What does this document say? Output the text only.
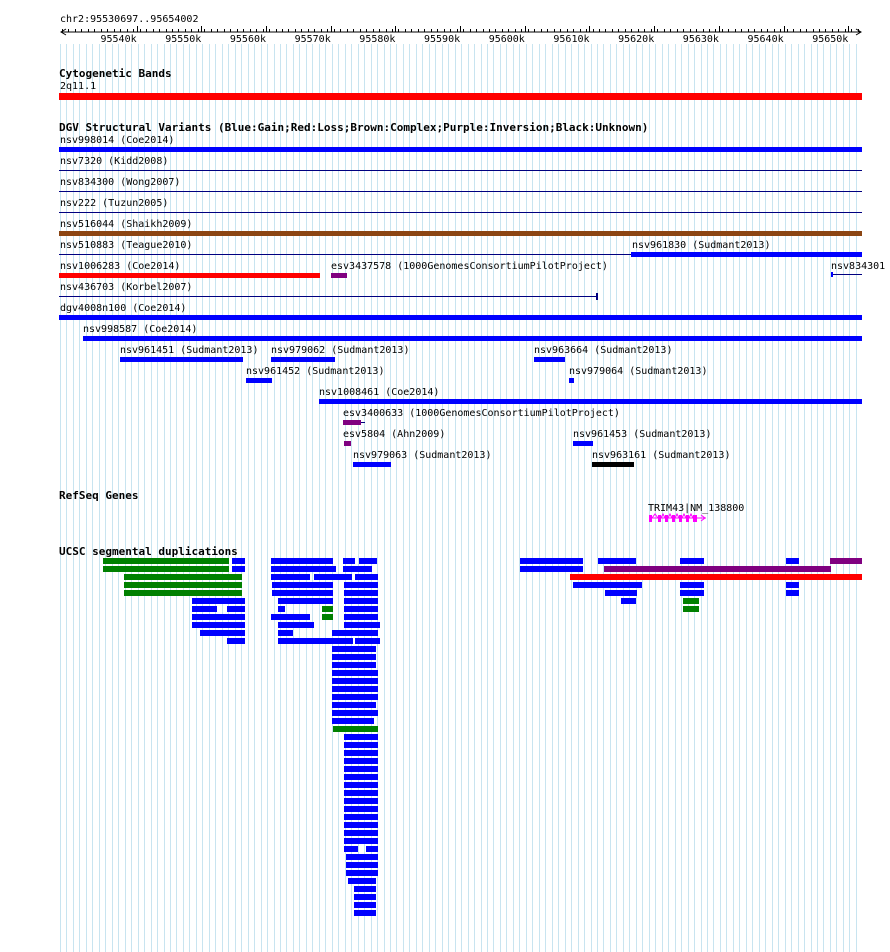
chr2:95530697..95654002
95540k	95550k	95560k	95570k	95580k	95590k	95600k	95610k	95620k	95630k	95640k	95650k
Cytogenetic Bands
2q11.1
DGV Structural Variants (Blue:Gain;Red:Loss;Brown:Complex;Purple:Inversion;Black:Unknown)
nsv998014 (Coe2014)
nsv7320 (Kidd2008)
nsv834300 (Wong2007)
nsv222 (Tuzun2005)
nsv516044 (Shaikh2009)
nsv510883 (Teague2010)	nsv961830 (Sudmant2013)
nsv1006283 (Coe2014)	esv3437578 (1000GenomesConsortiumPilotProject)	nsv834301
nsv436703 (Korbel2007)
dgv4008n100 (Coe2014)
nsv998587 (Coe2014)
nsv961451 (Sudmant2013) nsv979062 (Sudmant2013)	nsv963664 (Sudmant2013)
nsv961452 (Sudmant2013)	nsv979064 (Sudmant2013)
nsv1008461 (Coe2014)
esv3400633 (1000GenomesConsortiumPilotProject)
esv5804 (Ahn2009)	nsv961453 (Sudmant2013)
nsv979063 (Sudmant2013)	nsv963161 (Sudmant2013)
RefSeq Genes
TRIM43|NM_138800
UCSC segmental duplications
